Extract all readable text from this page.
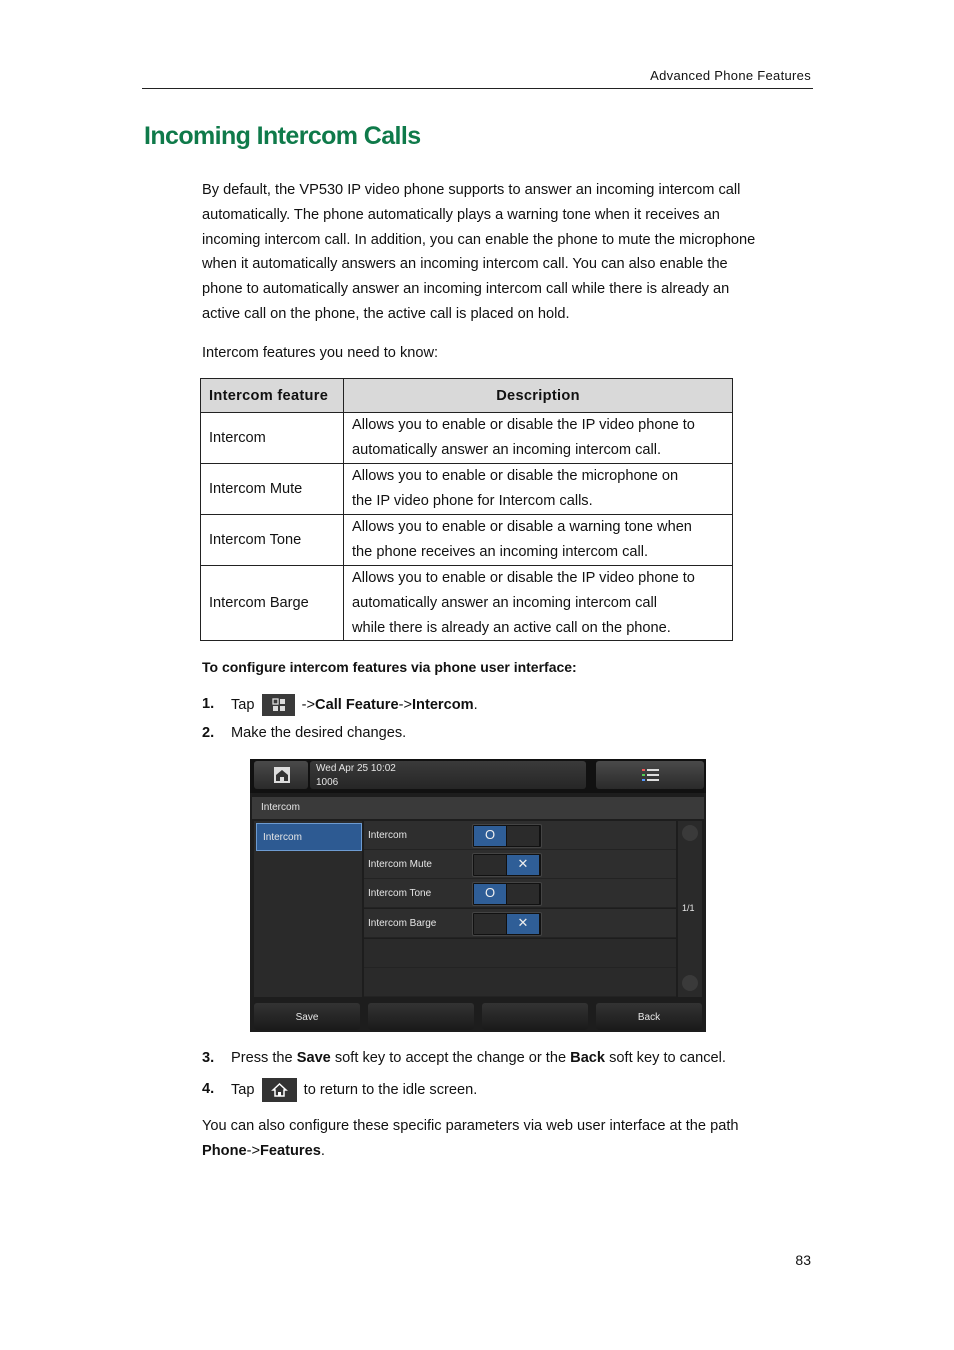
Advanced Phone Features
Incoming Intercom Calls
By default, the VP530 IP video phone supports to answer an incoming intercom call
automatically. The phone automatically plays a warning tone when it receives an
incoming intercom call. In addition, you can enable the phone to mute the microphone
when it automatically answers an incoming intercom call. You can also enable the
phone to automatically answer an incoming intercom call while there is already an
active call on the phone, the active call is placed on hold.
Intercom features you need to know:
Intercom feature	Description
Intercom	Allows you to enable or disable the IP video phone to
automatically answer an incoming intercom call.

Intercom Mute	Allows you to enable or disable the microphone on
the IP video phone for Intercom calls.

Intercom Tone	Allows you to enable or disable a warning tone when
the phone receives an incoming intercom call.

Intercom Barge	Allows you to enable or disable the IP video phone to
automatically answer an incoming intercom call
while there is already an active call on the phone.
To configure intercom features via phone user interface:
1. Tap	->Call Feature->Intercom.
2. Make the desired changes.
Wed Apr 25 10:02
1006
Intercom
Intercom	Intercom	O
Intercom Mute	✕
Intercom Tone	O
Intercom Barge	✕
1/1
Save	Back
3. Press the Save soft key to accept the change or the Back soft key to cancel.
4. Tap	to return to the idle screen.
You can also configure these specific parameters via web user interface at the path
Phone->Features.
83
